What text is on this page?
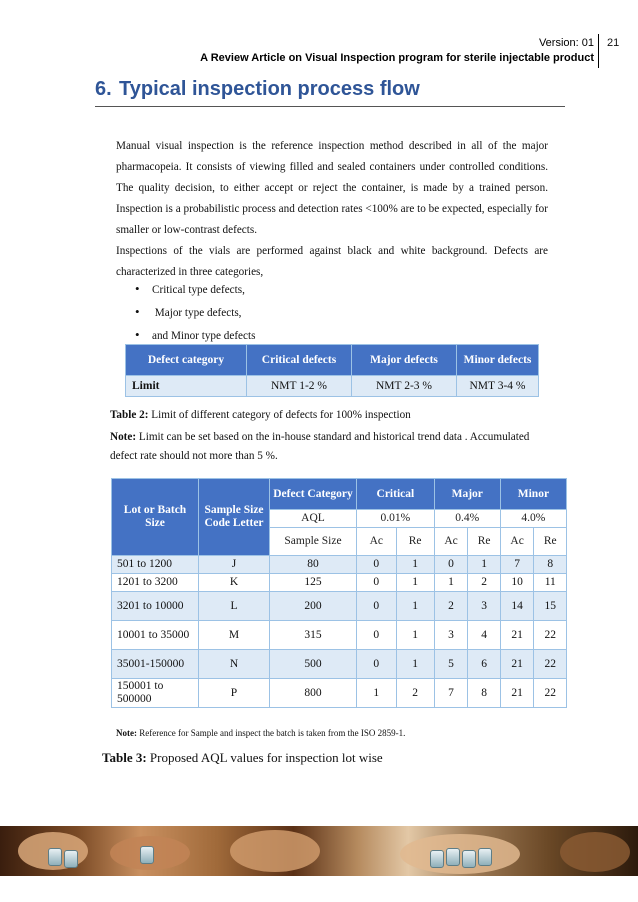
Version: 01
A Review Article on Visual Inspection program for sterile injectable product
21
6. Typical inspection process flow
Manual visual inspection is the reference inspection method described in all of the major pharmacopeia. It consists of viewing filled and sealed containers under controlled conditions. The quality decision, to either accept or reject the container, is made by a trained person. Inspection is a probabilistic process and detection rates <100% are to be expected, especially for smaller or low-contrast defects.
Inspections of the vials are performed against black and white background. Defects are characterized in three categories,
• Critical type defects,
•  Major type defects,
• and Minor type defects
Defect category	Critical defects	Major defects	Minor defects
Limit	NMT 1-2 %	NMT 2-3 %	NMT 3-4 %
Table 2: Limit of different category of defects for 100% inspection
Note: Limit can be set based on the in-house standard and historical trend data . Accumulated defect rate should not more than 5 %.
Lot or Batch Size	Sample Size Code Letter	Defect Category	Critical		Major		Minor	
		AQL	0.01%		0.4%		4.0%	
		Sample Size	Ac	Re	Ac	Re	Ac	Re
501 to 1200	J	80	0	1	0	1	7	8
1201 to 3200	K	125	0	1	1	2	10	11
3201 to 10000	L	200	0	1	2	3	14	15
10001 to 35000	M	315	0	1	3	4	21	22
35001-150000	N	500	0	1	5	6	21	22
150001 to 500000	P	800	1	2	7	8	21	22
Note: Reference for Sample and inspect the batch is taken from the ISO 2859-1.
Table 3: Proposed AQL values for inspection lot wise
